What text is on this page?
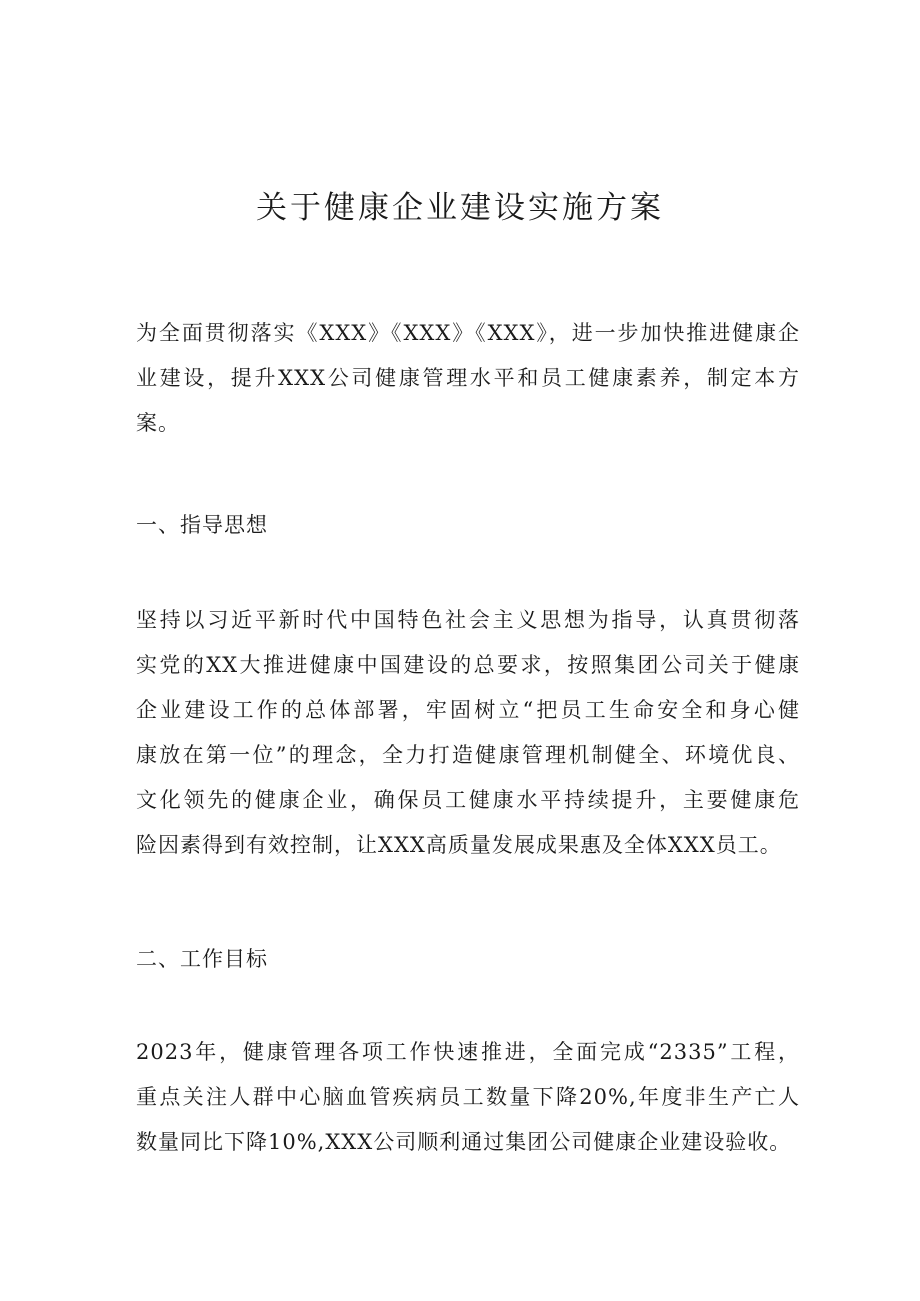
关于健康企业建设实施方案

为全面贯彻落实《XXX》《XXX》《XXX》，进一步加快推进健康企
业建设，提升XXX公司健康管理水平和员工健康素养，制定本方
案。

一、指导思想

坚持以习近平新时代中国特色社会主义思想为指导，认真贯彻落
实党的XX大推进健康中国建设的总要求，按照集团公司关于健康
企业建设工作的总体部署，牢固树立“把员工生命安全和身心健
康放在第一位”的理念，全力打造健康管理机制健全、环境优良、
文化领先的健康企业，确保员工健康水平持续提升，主要健康危
险因素得到有效控制，让XXX高质量发展成果惠及全体XXX员工。

二、工作目标

2023年，健康管理各项工作快速推进，全面完成“2335”工程，
重点关注人群中心脑血管疾病员工数量下降20%,年度非生产亡人
数量同比下降10%,XXX公司顺利通过集团公司健康企业建设验收。
